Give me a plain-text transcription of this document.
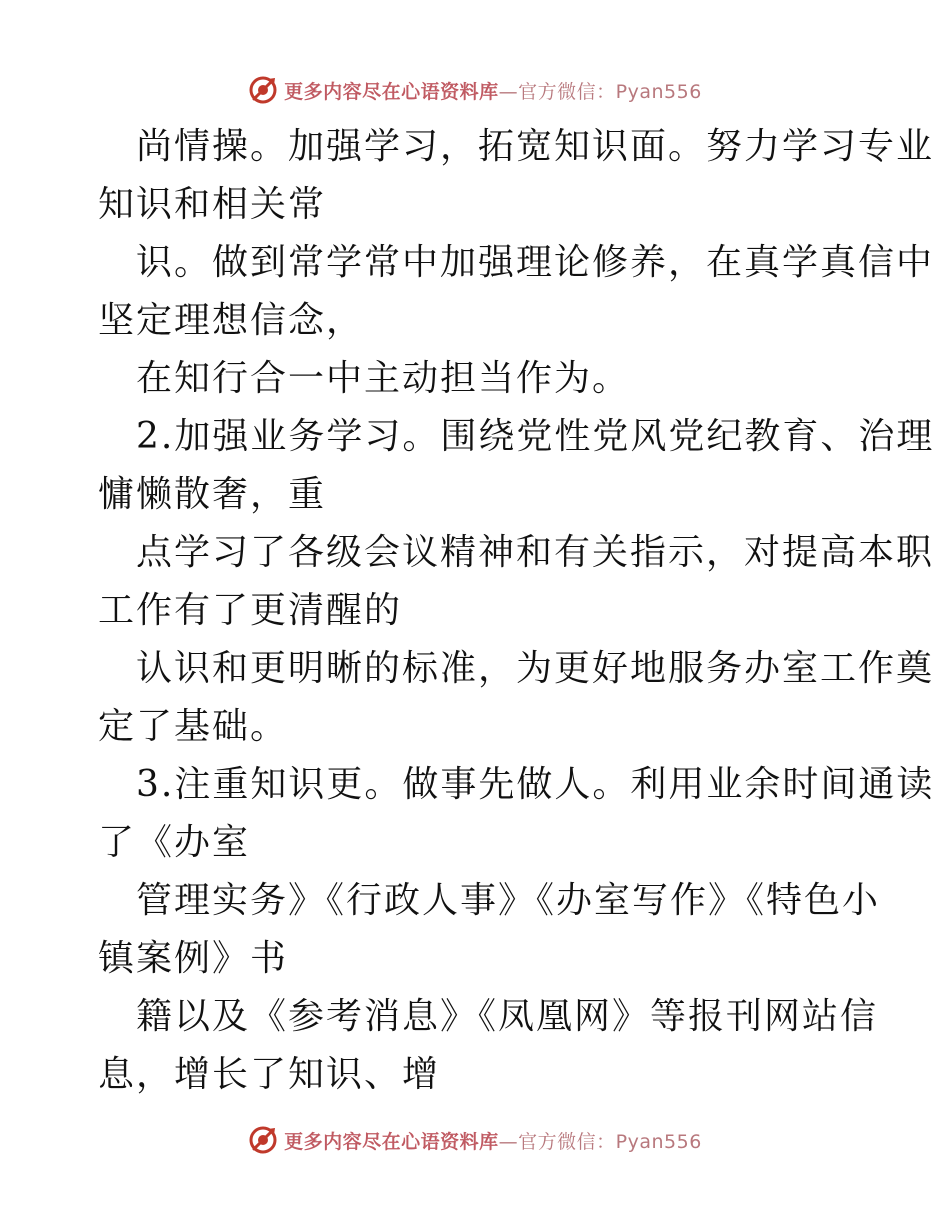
更多内容尽在心语资料库—官方微信：Pyan556
尚情操。加强学习，拓宽知识面。努力学习专业
知识和相关常
识。做到常学常中加强理论修养，在真学真信中
坚定理想信念，
在知行合一中主动担当作为。
2.加强业务学习。围绕党性党风党纪教育、治理
慵懒散奢，重
点学习了各级会议精神和有关指示，对提高本职
工作有了更清醒的
认识和更明晰的标准，为更好地服务办室工作奠
定了基础。
3.注重知识更。做事先做人。利用业余时间通读
了《办室
管理实务》《行政人事》《办室写作》《特色小
镇案例》书
籍以及《参考消息》《凤凰网》等报刊网站信
息，增长了知识、增
更多内容尽在心语资料库—官方微信：Pyan556
